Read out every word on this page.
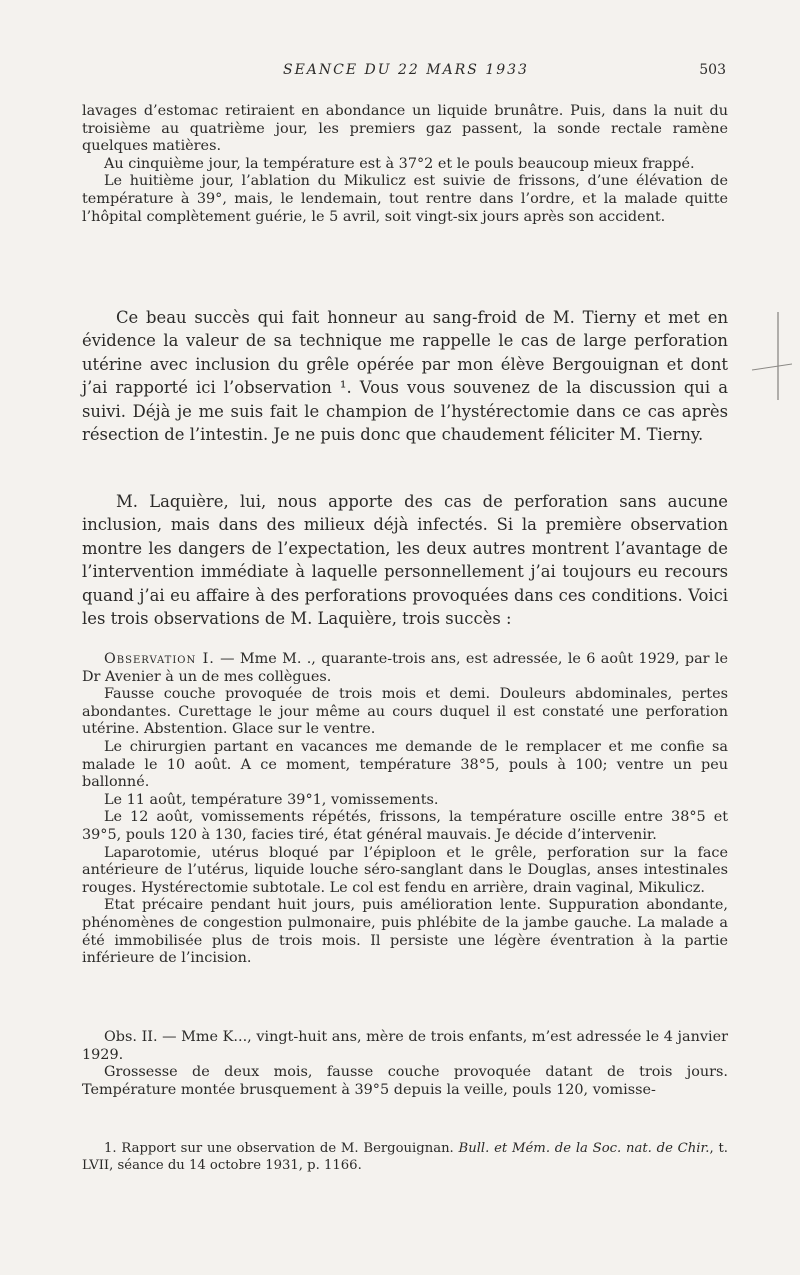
SEANCE DU 22 MARS 1933	503

lavages d’estomac retiraient en abondance un liquide brunâtre. Puis, dans la nuit du troisième au quatrième jour, les premiers gaz passent, la sonde rectale ramène quelques matières.

Au cinquième jour, la température est à 37°2 et le pouls beaucoup mieux frappé.

Le huitième jour, l’ablation du Mikulicz est suivie de frissons, d’une élévation de température à 39°, mais, le lendemain, tout rentre dans l’ordre, et la malade quitte l’hôpital complètement guérie, le 5 avril, soit vingt-six jours après son accident.

Ce beau succès qui fait honneur au sang-froid de M. Tierny et met en évidence la valeur de sa technique me rappelle le cas de large perforation utérine avec inclusion du grêle opérée par mon élève Bergouignan et dont j’ai rapporté ici l’observation ¹. Vous vous souvenez de la discussion qui a suivi. Déjà je me suis fait le champion de l’hystérectomie dans ce cas après résection de l’intestin. Je ne puis donc que chaudement féliciter M. Tierny.

M. Laquière, lui, nous apporte des cas de perforation sans aucune inclusion, mais dans des milieux déjà infectés. Si la première observation montre les dangers de l’expectation, les deux autres montrent l’avantage de l’intervention immédiate à laquelle personnellement j’ai toujours eu recours quand j’ai eu affaire à des perforations provoquées dans ces conditions. Voici les trois observations de M. Laquière, trois succès :

Observation I. — Mme M. ., quarante-trois ans, est adressée, le 6 août 1929, par le Dr Avenier à un de mes collègues.

Fausse couche provoquée de trois mois et demi. Douleurs abdominales, pertes abondantes. Curettage le jour même au cours duquel il est constaté une perforation utérine. Abstention. Glace sur le ventre.

Le chirurgien partant en vacances me demande de le remplacer et me confie sa malade le 10 août. A ce moment, température 38°5, pouls à 100; ventre un peu ballonné.

Le 11 août, température 39°1, vomissements.

Le 12 août, vomissements répétés, frissons, la température oscille entre 38°5 et 39°5, pouls 120 à 130, facies tiré, état général mauvais. Je décide d’intervenir.

Laparotomie, utérus bloqué par l’épiploon et le grêle, perforation sur la face antérieure de l’utérus, liquide louche séro-sanglant dans le Douglas, anses intestinales rouges. Hystérectomie subtotale. Le col est fendu en arrière, drain vaginal, Mikulicz.

Etat précaire pendant huit jours, puis amélioration lente. Suppuration abondante, phénomènes de congestion pulmonaire, puis phlébite de la jambe gauche. La malade a été immobilisée plus de trois mois. Il persiste une légère éventration à la partie inférieure de l’incision.

Obs. II. — Mme K..., vingt-huit ans, mère de trois enfants, m’est adressée le 4 janvier 1929.

Grossesse de deux mois, fausse couche provoquée datant de trois jours. Température montée brusquement à 39°5 depuis la veille, pouls 120, vomisse-

1. Rapport sur une observation de M. Bergouignan. Bull. et Mém. de la Soc. nat. de Chir., t. LVII, séance du 14 octobre 1931, p. 1166.
